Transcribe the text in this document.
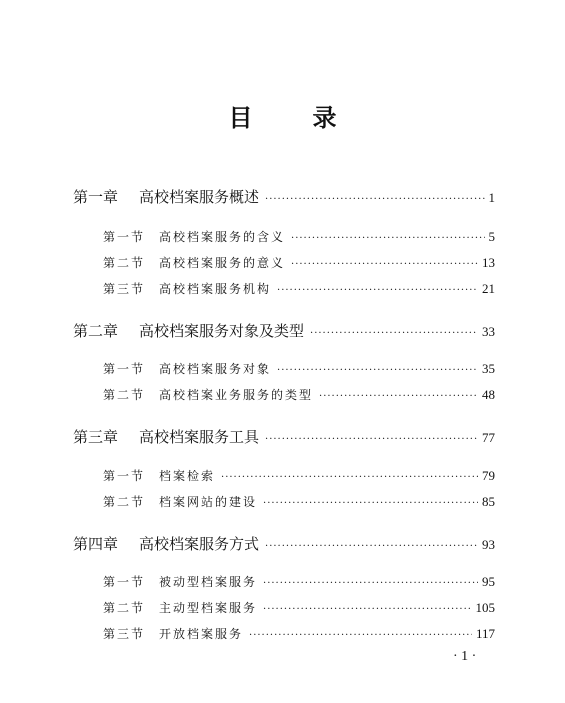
目	录
第一章 高校档案服务概述 ·····	1
第一节 高校档案服务的含义 ·····	5
第二节 高校档案服务的意义 ·····	13
第三节 高校档案服务机构 ·····	21
第二章 高校档案服务对象及类型 ·····	33
第一节 高校档案服务对象 ·····	35
第二节 高校档案业务服务的类型 ·····	48
第三章 高校档案服务工具 ·····	77
第一节 档案检索 ·····	79
第二节 档案网站的建设 ·····	85
第四章 高校档案服务方式 ·····	93
第一节 被动型档案服务 ·····	95
第二节 主动型档案服务 ·····	105
第三节 开放档案服务 ·····	117
· 1 ·
